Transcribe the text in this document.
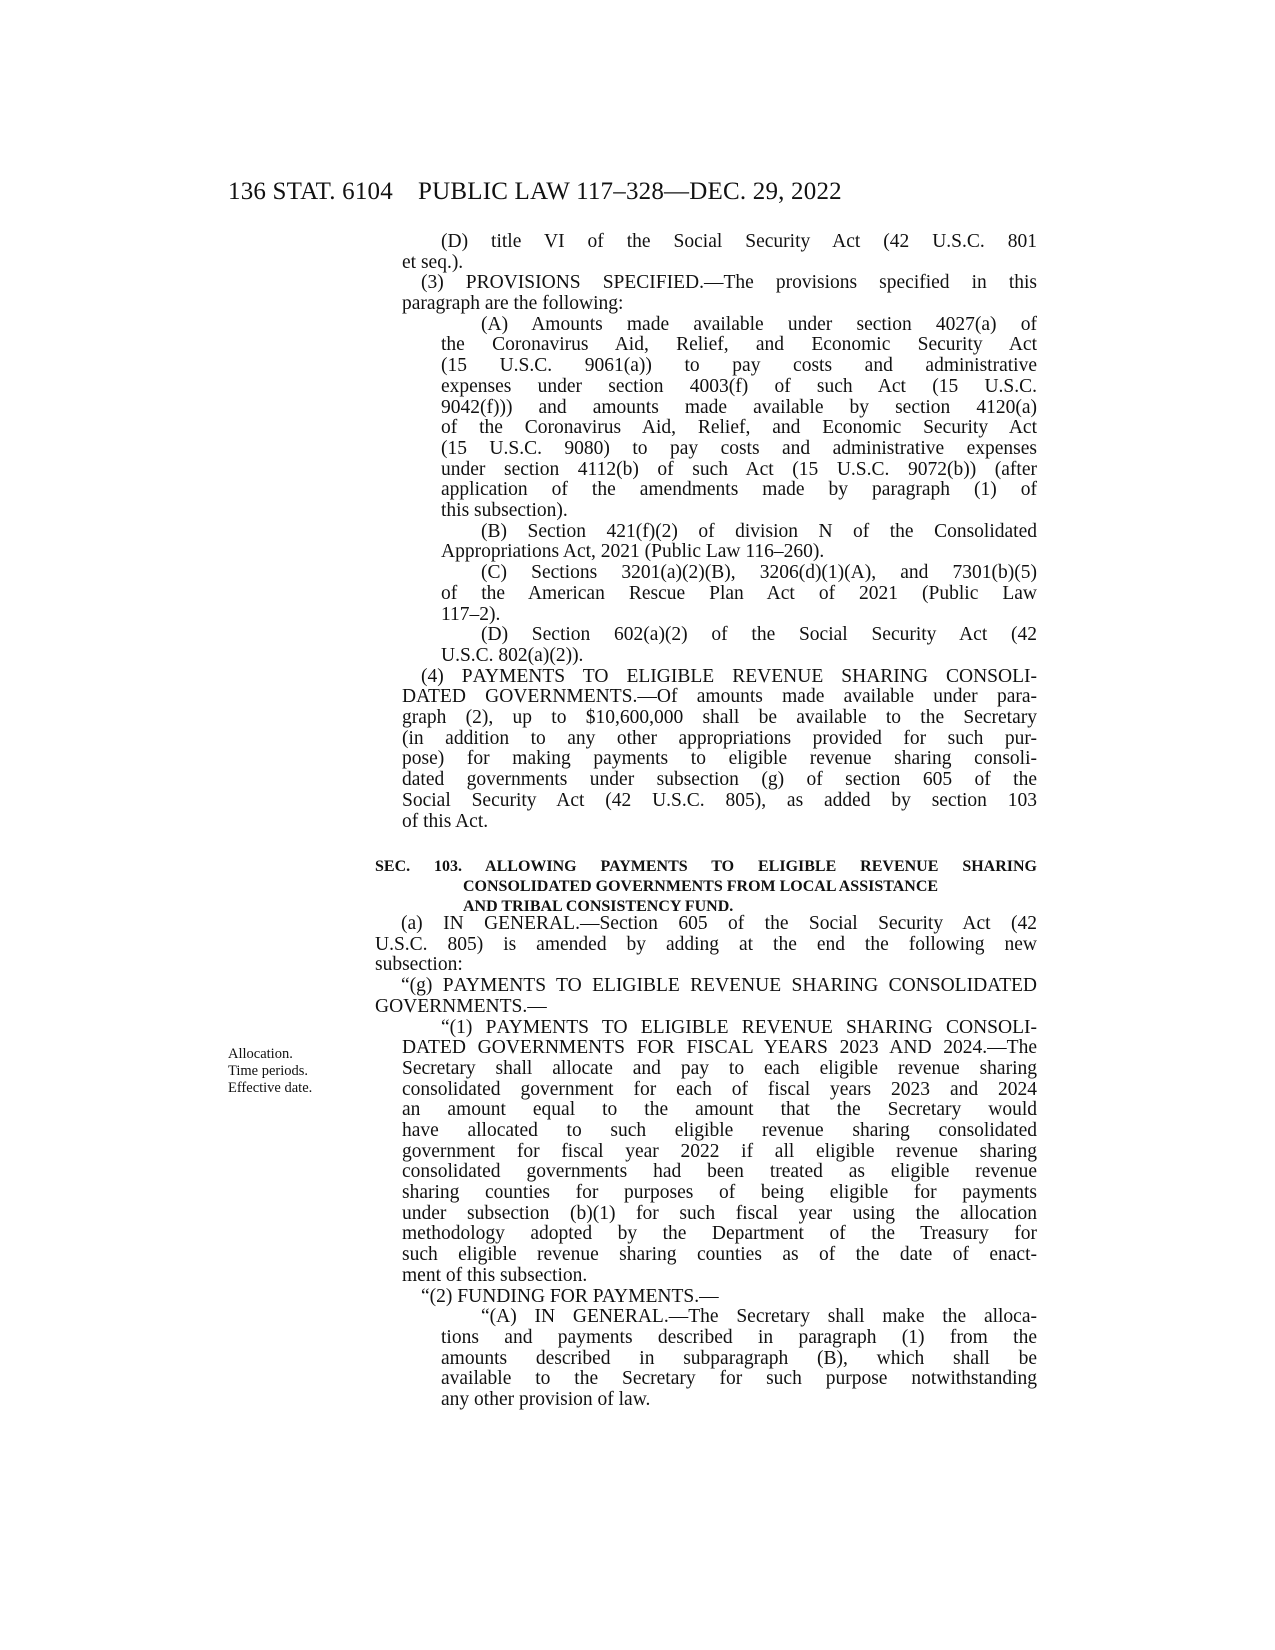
136 STAT. 6104 PUBLIC LAW 117–328—DEC. 29, 2022
Allocation.
Time periods.
Effective date.
(D) title VI of the Social Security Act (42 U.S.C. 801
et seq.).
(3) PROVISIONS SPECIFIED.—The provisions specified in this
paragraph are the following:
(A) Amounts made available under section 4027(a) of
the Coronavirus Aid, Relief, and Economic Security Act
(15 U.S.C. 9061(a)) to pay costs and administrative
expenses under section 4003(f) of such Act (15 U.S.C.
9042(f))) and amounts made available by section 4120(a)
of the Coronavirus Aid, Relief, and Economic Security Act
(15 U.S.C. 9080) to pay costs and administrative expenses
under section 4112(b) of such Act (15 U.S.C. 9072(b)) (after
application of the amendments made by paragraph (1) of
this subsection).
(B) Section 421(f)(2) of division N of the Consolidated
Appropriations Act, 2021 (Public Law 116–260).
(C) Sections 3201(a)(2)(B), 3206(d)(1)(A), and 7301(b)(5)
of the American Rescue Plan Act of 2021 (Public Law
117–2).
(D) Section 602(a)(2) of the Social Security Act (42
U.S.C. 802(a)(2)).
(4) PAYMENTS TO ELIGIBLE REVENUE SHARING CONSOLI-
DATED GOVERNMENTS.—Of amounts made available under para-
graph (2), up to $10,600,000 shall be available to the Secretary
(in addition to any other appropriations provided for such pur-
pose) for making payments to eligible revenue sharing consoli-
dated governments under subsection (g) of section 605 of the
Social Security Act (42 U.S.C. 805), as added by section 103
of this Act.
(a) IN GENERAL.—Section 605 of the Social Security Act (42
U.S.C. 805) is amended by adding at the end the following new
subsection:
“(g) PAYMENTS TO ELIGIBLE REVENUE SHARING CONSOLIDATED
GOVERNMENTS.—
“(1) PAYMENTS TO ELIGIBLE REVENUE SHARING CONSOLI-
DATED GOVERNMENTS FOR FISCAL YEARS 2023 AND 2024.—The
Secretary shall allocate and pay to each eligible revenue sharing
consolidated government for each of fiscal years 2023 and 2024
an amount equal to the amount that the Secretary would
have allocated to such eligible revenue sharing consolidated
government for fiscal year 2022 if all eligible revenue sharing
consolidated governments had been treated as eligible revenue
sharing counties for purposes of being eligible for payments
under subsection (b)(1) for such fiscal year using the allocation
methodology adopted by the Department of the Treasury for
such eligible revenue sharing counties as of the date of enact-
ment of this subsection.
“(2) FUNDING FOR PAYMENTS.—
“(A) IN GENERAL.—The Secretary shall make the alloca-
tions and payments described in paragraph (1) from the
amounts described in subparagraph (B), which shall be
available to the Secretary for such purpose notwithstanding
any other provision of law.
SEC. 103. ALLOWING PAYMENTS TO ELIGIBLE REVENUE SHARING
CONSOLIDATED GOVERNMENTS FROM LOCAL ASSISTANCE
AND TRIBAL CONSISTENCY FUND.
